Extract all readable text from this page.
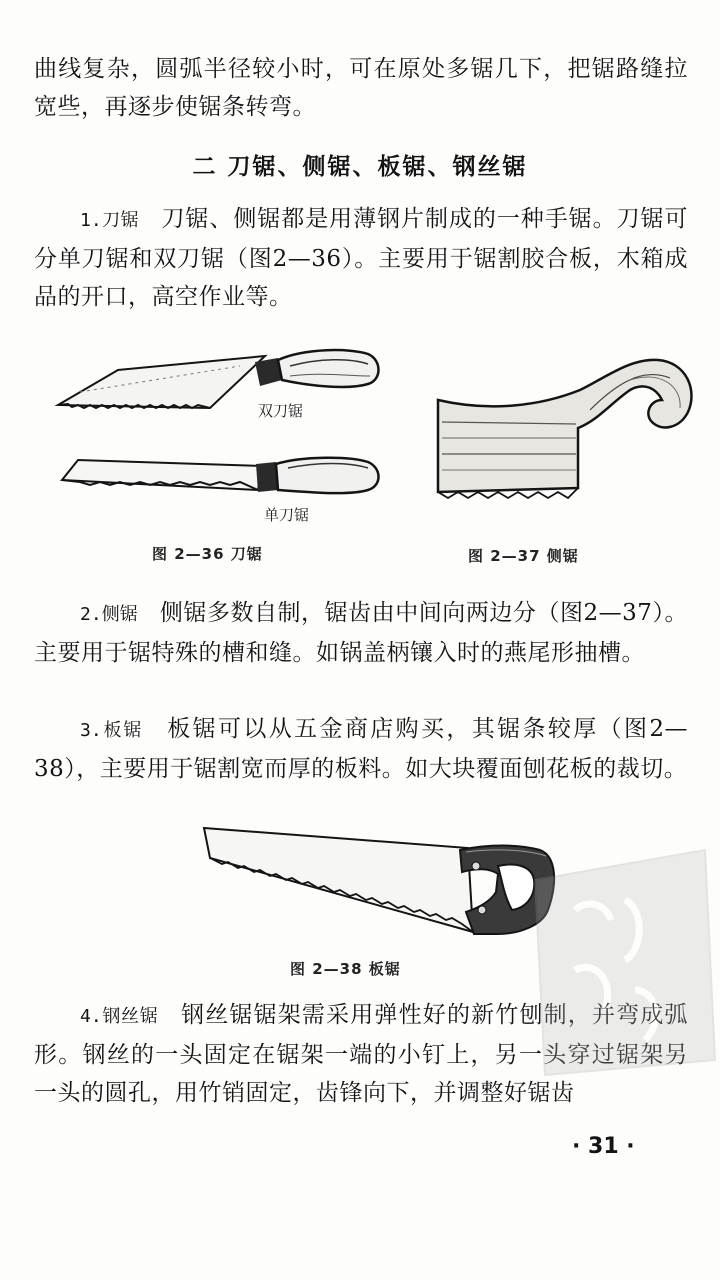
曲线复杂，圆弧半径较小时，可在原处多锯几下，把锯路缝拉宽些，再逐步使锯条转弯。

二 刀锯、侧锯、板锯、钢丝锯

1.刀锯 刀锯、侧锯都是用薄钢片制成的一种手锯。刀锯可分单刀锯和双刀锯（图2—36）。主要用于锯割胶合板，木箱成品的开口，高空作业等。

双刀锯
单刀锯
图 2—36 刀锯	图 2—37 侧锯

2.侧锯 侧锯多数自制，锯齿由中间向两边分（图2—37）。主要用于锯特殊的槽和缝。如锅盖柄镶入时的燕尾形抽槽。

3.板锯 板锯可以从五金商店购买，其锯条较厚（图2—38），主要用于锯割宽而厚的板料。如大块覆面刨花板的裁切。

图 2—38 板锯

4.钢丝锯 钢丝锯锯架需采用弹性好的新竹刨制，并弯成弧形。钢丝的一头固定在锯架一端的小钉上，另一头穿过锯架另一头的圆孔，用竹销固定，齿锋向下，并调整好锯齿

· 31 ·
